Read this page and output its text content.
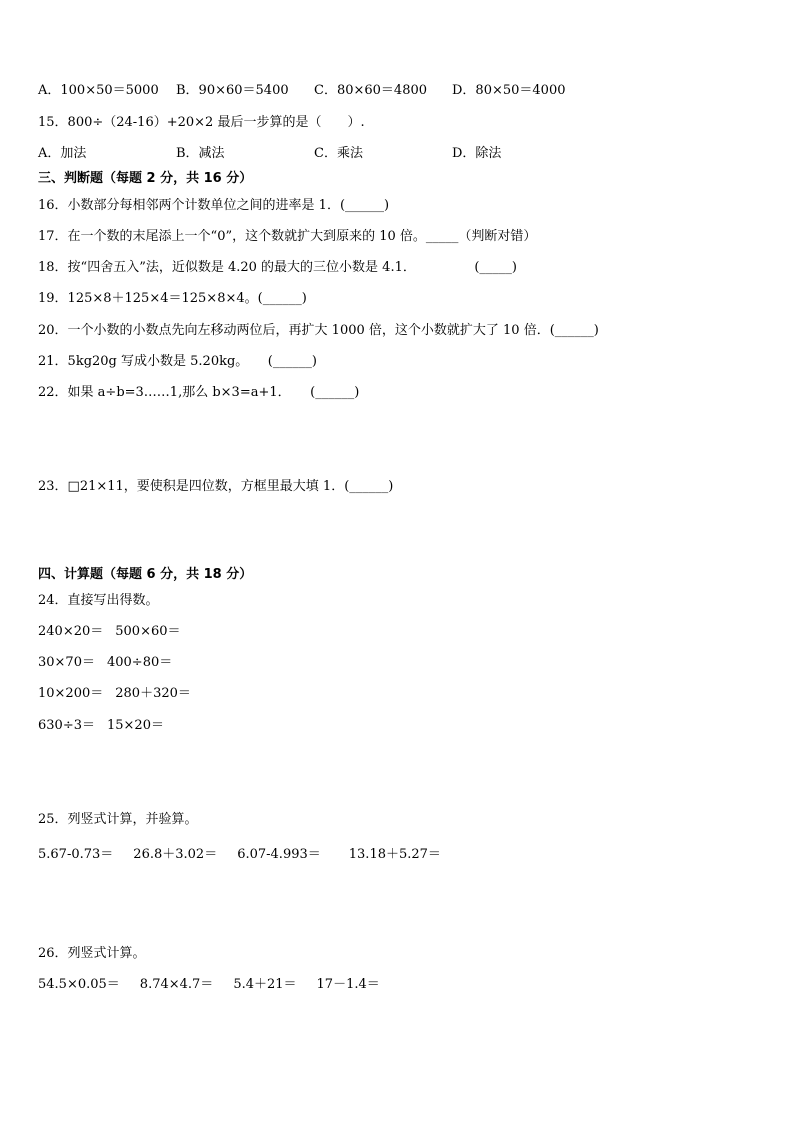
A．100×50＝5000 B．90×60＝5400 C．80×60＝4800 D．80×50＝4000
15．800÷（24-16）+20×2 最后一步算的是（　　）.
A．加法	B．减法	C．乘法	D．除法
三、判断题（每题 2 分，共 16 分）
16．小数部分每相邻两个计数单位之间的进率是 1．(______)
17．在一个数的末尾添上一个“0”，这个数就扩大到原来的 10 倍。_____（判断对错）
18．按“四舍五入”法，近似数是 4.20 的最大的三位小数是 4.1．　　　　　(_____)
19．125×8＋125×4＝125×8×4。(______)
20．一个小数的小数点先向左移动两位后，再扩大 1000 倍，这个小数就扩大了 10 倍．(______)
21．5kg20g 写成小数是 5.20kg。　　(______)
22．如果 a÷b=3……1,那么 b×3=a+1．　　(______)
23．□21×11，要使积是四位数，方框里最大填 1．(______)
四、计算题（每题 6 分，共 18 分）
24．直接写出得数。
240×20＝ 500×60＝
30×70＝ 400÷80＝
10×200＝ 280＋320＝
630÷3＝ 15×20＝
25．列竖式计算，并验算。
5.67-0.73＝ 26.8＋3.02＝ 6.07-4.993＝ 13.18＋5.27＝
26．列竖式计算。
54.5×0.05＝ 8.74×4.7＝ 5.4＋21＝ 17－1.4＝
